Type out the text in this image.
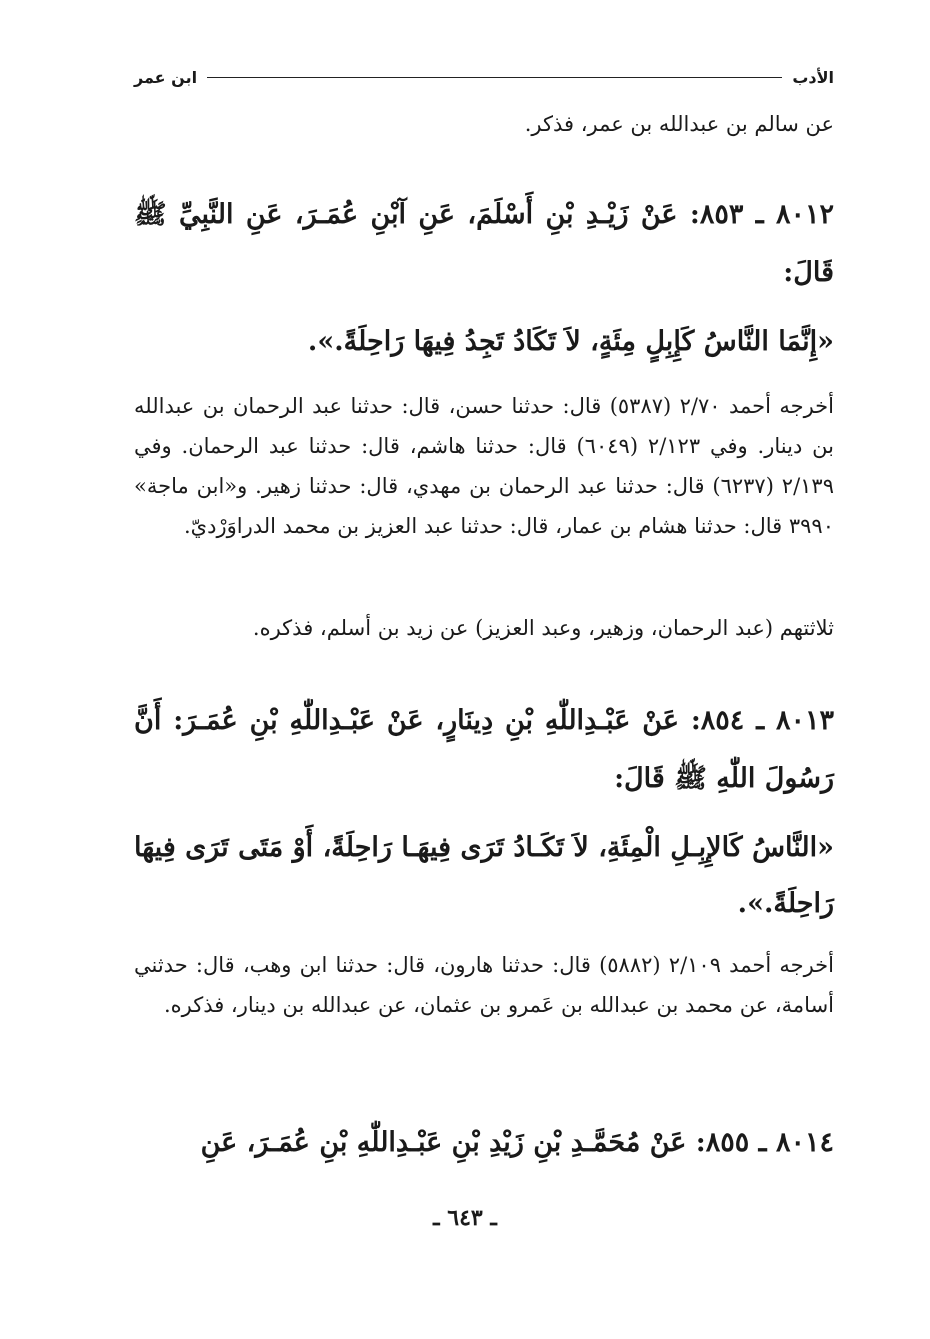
الأدب
ابن عمر
عن سالم بن عبدالله بن عمر، فذكر.
٨٠١٢ ـ ٨٥٣: عَنْ زَيْـدِ بْنِ أَسْلَمَ، عَنِ آبْنِ عُمَـرَ، عَنِ النَّبِيِّ ﷺ قَالَ:
«إِنَّمَا النَّاسُ كَإِبِلٍ مِئَةٍ، لاَ تَكَادُ تَجِدُ فِيهَا رَاحِلَةً.».
أخرجه أحمد ٢/٧٠ (٥٣٨٧) قال: حدثنا حسن، قال: حدثنا عبد الرحمان بن عبدالله بن دينار. وفي ٢/١٢٣ (٦٠٤٩) قال: حدثنا هاشم، قال: حدثنا عبد الرحمان. وفي ٢/١٣٩ (٦٢٣٧) قال: حدثنا عبد الرحمان بن مهدي، قال: حدثنا زهير. و«ابن ماجة» ٣٩٩٠ قال: حدثنا هشام بن عمار، قال: حدثنا عبد العزيز بن محمد الدراوَرْديّ.
ثلاثتهم (عبد الرحمان، وزهير، وعبد العزيز) عن زيد بن أسلم، فذكره.
٨٠١٣ ـ ٨٥٤: عَنْ عَبْـدِاللّٰهِ بْنِ دِينَارٍ، عَنْ عَبْـدِاللّٰهِ بْنِ عُمَـرَ: أَنَّ رَسُولَ اللّٰهِ ﷺ قَالَ:
«النَّاسُ كَالإِبِـلِ الْمِئَةِ، لاَ تَكَـادُ تَرَى فِيهَـا رَاحِلَةً، أَوْ مَتَى تَرَى فِيهَا رَاحِلَةً.».
أخرجه أحمد ٢/١٠٩ (٥٨٨٢) قال: حدثنا هارون، قال: حدثنا ابن وهب، قال: حدثني أسامة، عن محمد بن عبدالله بن عَمرو بن عثمان، عن عبدالله بن دينار، فذكره.
٨٠١٤ ـ ٨٥٥: عَنْ مُحَمَّـدِ بْنِ زَيْدِ بْنِ عَبْـدِاللّٰهِ بْنِ عُمَـرَ، عَنِ
ـ ٦٤٣ ـ
